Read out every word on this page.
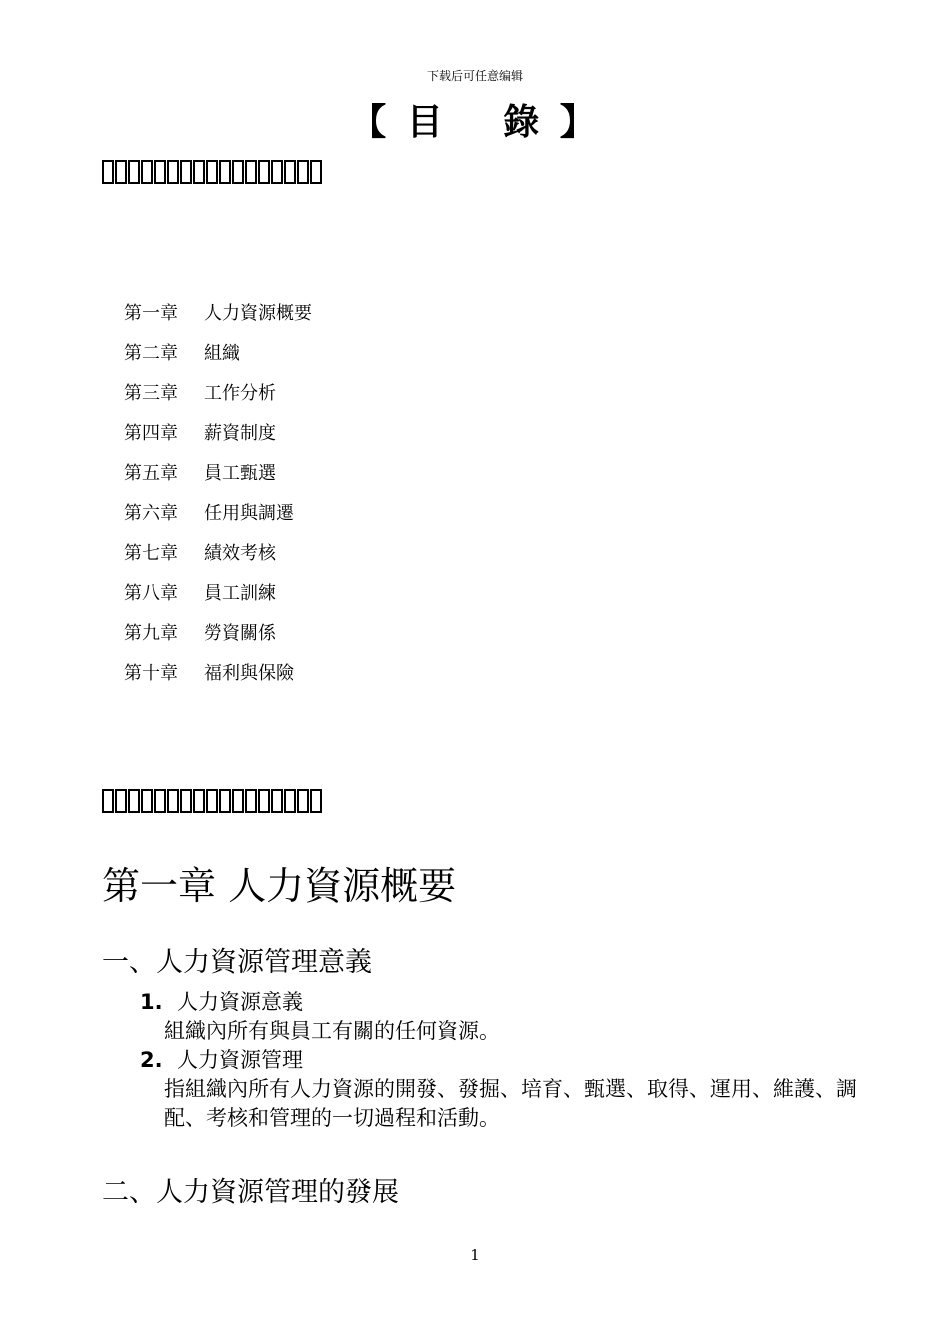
下载后可任意编辑
【 目　 錄 】
第一章	人力資源概要
第二章	組織
第三章	工作分析
第四章	薪資制度
第五章	員工甄選
第六章	任用與調遷
第七章	績效考核
第八章	員工訓練
第九章	勞資關係
第十章	福利與保險
第一章 人力資源概要
一、人力資源管理意義
1. 人力資源意義
組織內所有與員工有關的任何資源。
2. 人力資源管理
指組織內所有人力資源的開發、發掘、培育、甄選、取得、運用、維護、調配、考核和管理的一切過程和活動。
二、人力資源管理的發展
1
